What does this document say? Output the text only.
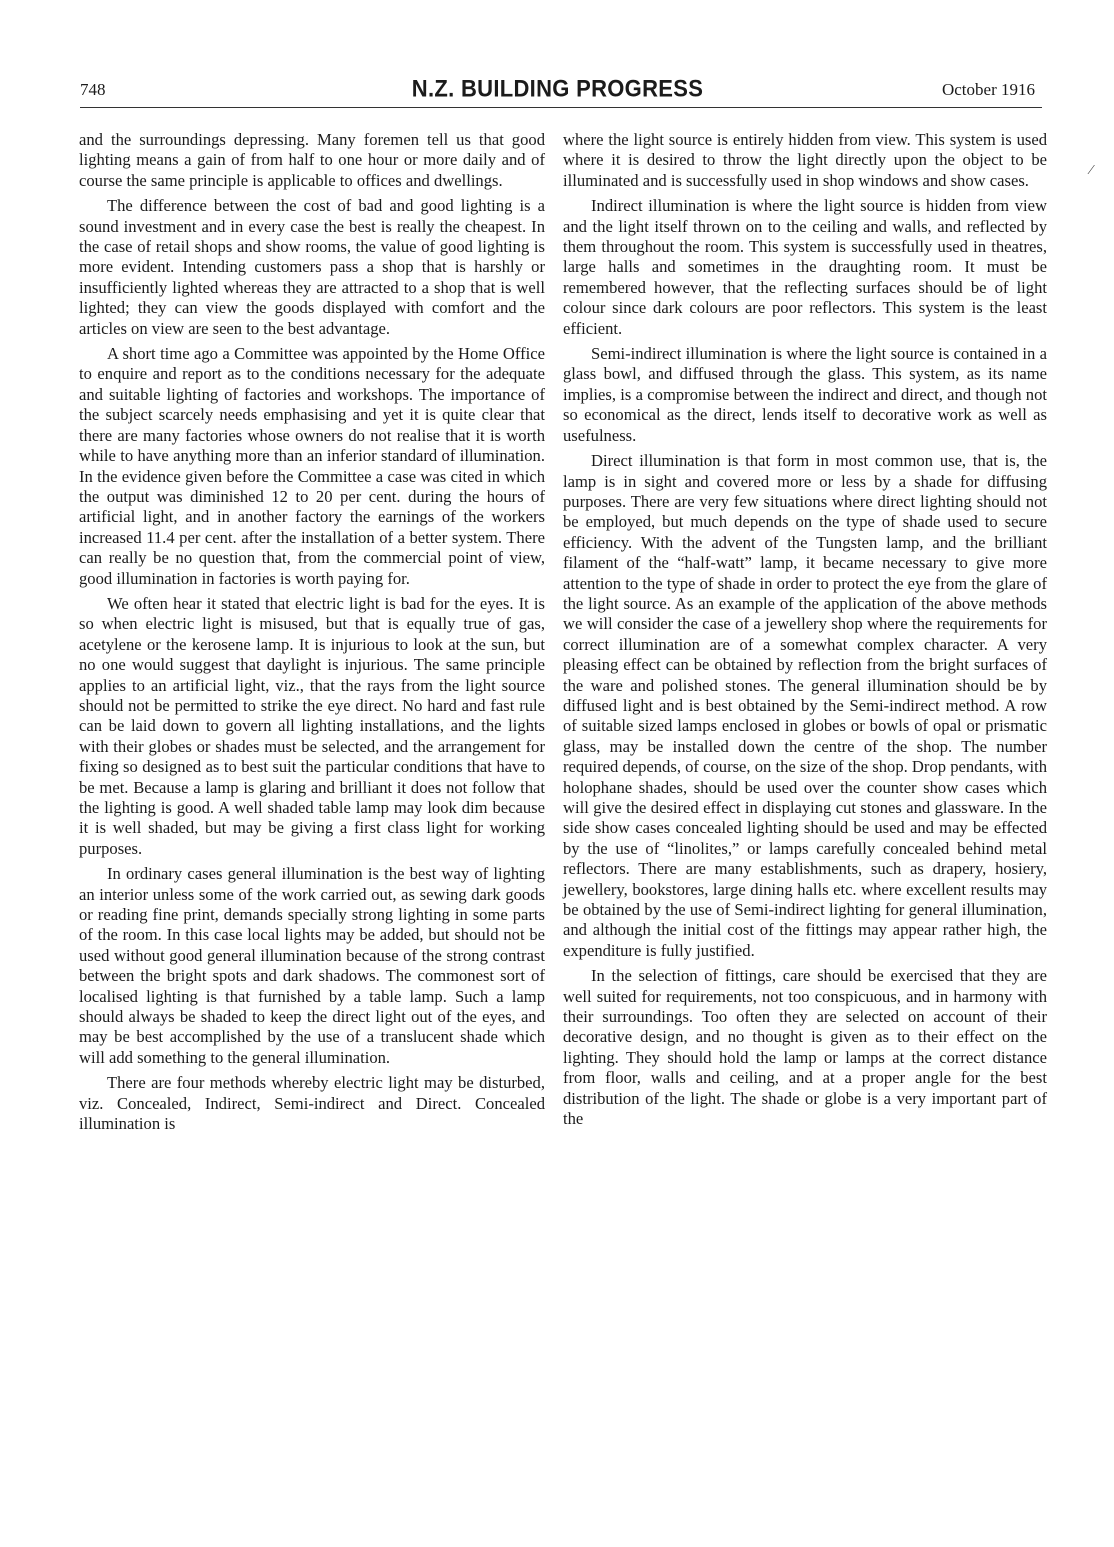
748	N.Z. BUILDING PROGRESS	October 1916

and the surroundings depressing. Many foremen tell us that good lighting means a gain of from half to one hour or more daily and of course the same principle is applicable to offices and dwellings.

The difference between the cost of bad and good lighting is a sound investment and in every case the best is really the cheapest. In the case of retail shops and show rooms, the value of good lighting is more evident. Intending customers pass a shop that is harshly or insufficiently lighted whereas they are attracted to a shop that is well lighted; they can view the goods displayed with comfort and the articles on view are seen to the best advantage.

A short time ago a Committee was appointed by the Home Office to enquire and report as to the conditions necessary for the adequate and suitable lighting of factories and workshops. The importance of the subject scarcely needs emphasising and yet it is quite clear that there are many factories whose owners do not realise that it is worth while to have anything more than an inferior standard of illumination. In the evidence given before the Committee a case was cited in which the output was diminished 12 to 20 per cent. during the hours of artificial light, and in another factory the earnings of the workers increased 11.4 per cent. after the installation of a better system. There can really be no question that, from the commercial point of view, good illumination in factories is worth paying for.

We often hear it stated that electric light is bad for the eyes. It is so when electric light is misused, but that is equally true of gas, acetylene or the kerosene lamp. It is injurious to look at the sun, but no one would suggest that daylight is injurious. The same principle applies to an artificial light, viz., that the rays from the light source should not be permitted to strike the eye direct. No hard and fast rule can be laid down to govern all lighting installations, and the lights with their globes or shades must be selected, and the arrangement for fixing so designed as to best suit the particular conditions that have to be met. Because a lamp is glaring and brilliant it does not follow that the lighting is good. A well shaded table lamp may look dim because it is well shaded, but may be giving a first class light for working purposes.

In ordinary cases general illumination is the best way of lighting an interior unless some of the work carried out, as sewing dark goods or reading fine print, demands specially strong lighting in some parts of the room. In this case local lights may be added, but should not be used without good general illumination because of the strong contrast between the bright spots and dark shadows. The commonest sort of localised lighting is that furnished by a table lamp. Such a lamp should always be shaded to keep the direct light out of the eyes, and may be best accomplished by the use of a translucent shade which will add something to the general illumination.

There are four methods whereby electric light may be disturbed, viz. Concealed, Indirect, Semi-indirect and Direct. Concealed illumination is

where the light source is entirely hidden from view. This system is used where it is desired to throw the light directly upon the object to be illuminated and is successfully used in shop windows and show cases.

Indirect illumination is where the light source is hidden from view and the light itself thrown on to the ceiling and walls, and reflected by them throughout the room. This system is successfully used in theatres, large halls and sometimes in the draughting room. It must be remembered however, that the reflecting surfaces should be of light colour since dark colours are poor reflectors. This system is the least efficient.

Semi-indirect illumination is where the light source is contained in a glass bowl, and diffused through the glass. This system, as its name implies, is a compromise between the indirect and direct, and though not so economical as the direct, lends itself to decorative work as well as usefulness.

Direct illumination is that form in most common use, that is, the lamp is in sight and covered more or less by a shade for diffusing purposes. There are very few situations where direct lighting should not be employed, but much depends on the type of shade used to secure efficiency. With the advent of the Tungsten lamp, and the brilliant filament of the “half-watt” lamp, it became necessary to give more attention to the type of shade in order to protect the eye from the glare of the light source. As an example of the application of the above methods we will consider the case of a jewellery shop where the requirements for correct illumination are of a somewhat complex character. A very pleasing effect can be obtained by reflection from the bright surfaces of the ware and polished stones. The general illumination should be by diffused light and is best obtained by the Semi-indirect method. A row of suitable sized lamps enclosed in globes or bowls of opal or prismatic glass, may be installed down the centre of the shop. The number required depends, of course, on the size of the shop. Drop pendants, with holophane shades, should be used over the counter show cases which will give the desired effect in displaying cut stones and glassware. In the side show cases concealed lighting should be used and may be effected by the use of “linolites,” or lamps carefully concealed behind metal reflectors. There are many establishments, such as drapery, hosiery, jewellery, bookstores, large dining halls etc. where excellent results may be obtained by the use of Semi-indirect lighting for general illumination, and although the initial cost of the fittings may appear rather high, the expenditure is fully justified.

In the selection of fittings, care should be exercised that they are well suited for requirements, not too conspicuous, and in harmony with their surroundings. Too often they are selected on account of their decorative design, and no thought is given as to their effect on the lighting. They should hold the lamp or lamps at the correct distance from floor, walls and ceiling, and at a proper angle for the best distribution of the light. The shade or globe is a very important part of the

⁄
